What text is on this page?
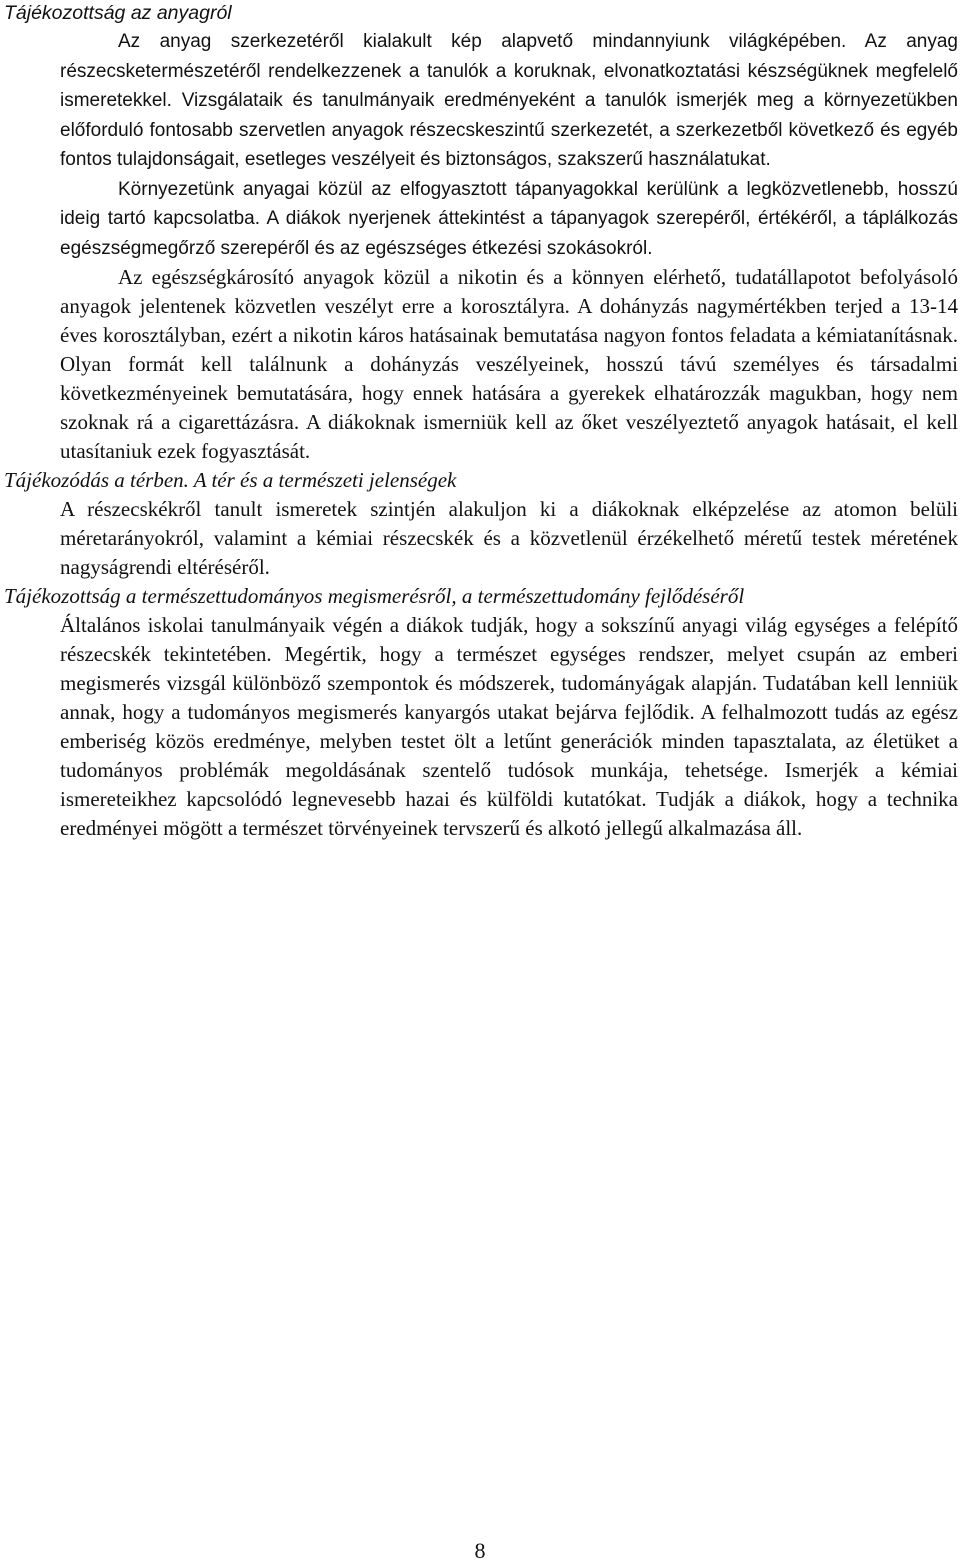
Tájékozottság az anyagról

Az anyag szerkezetéről kialakult kép alapvető mindannyiunk világképében. Az anyag részecsketermészetéről rendelkezzenek a tanulók a koruknak, elvonatkoztatási készségüknek megfelelő ismeretekkel. Vizsgálataik és tanulmányaik eredményeként a tanulók ismerjék meg a környezetükben előforduló fontosabb szervetlen anyagok részecskeszintű szerkezetét, a szerkezetből következő és egyéb fontos tulajdonságait, esetleges veszélyeit és biztonságos, szakszerű használatukat.

Környezetünk anyagai közül az elfogyasztott tápanyagokkal kerülünk a legközvetlenebb, hosszú ideig tartó kapcsolatba. A diákok nyerjenek áttekintést a tápanyagok szerepéről, értékéről, a táplálkozás egészségmegőrző szerepéről és az egészséges étkezési szokásokról.

Az egészségkárosító anyagok közül a nikotin és a könnyen elérhető, tudatállapotot befolyásoló anyagok jelentenek közvetlen veszélyt erre a korosztályra. A dohányzás nagymértékben terjed a 13-14 éves korosztályban, ezért a nikotin káros hatásainak bemutatása nagyon fontos feladata a kémiatanításnak. Olyan formát kell találnunk a dohányzás veszélyeinek, hosszú távú személyes és társadalmi következményeinek bemutatására, hogy ennek hatására a gyerekek elhatározzák magukban, hogy nem szoknak rá a cigarettázásra. A diákoknak ismerniük kell az őket veszélyeztető anyagok hatásait, el kell utasítaniuk ezek fogyasztását.

Tájékozódás a térben. A tér és a természeti jelenségek

A részecskékről tanult ismeretek szintjén alakuljon ki a diákoknak elképzelése az atomon belüli méretarányokról, valamint a kémiai részecskék és a közvetlenül érzékelhető méretű testek méretének nagyságrendi eltéréséről.

Tájékozottság a természettudományos megismerésről, a természettudomány fejlődéséről

Általános iskolai tanulmányaik végén a diákok tudják, hogy a sokszínű anyagi világ egységes a felépítő részecskék tekintetében. Megértik, hogy a természet egységes rendszer, melyet csupán az emberi megismerés vizsgál különböző szempontok és módszerek, tudományágak alapján. Tudatában kell lenniük annak, hogy a tudományos megismerés kanyargós utakat bejárva fejlődik. A felhalmozott tudás az egész emberiség közös eredménye, melyben testet ölt a letűnt generációk minden tapasztalata, az életüket a tudományos problémák megoldásának szentelő tudósok munkája, tehetsége. Ismerjék a kémiai ismereteikhez kapcsolódó legnevesebb hazai és külföldi kutatókat. Tudják a diákok, hogy a technika eredményei mögött a természet törvényeinek tervszerű és alkotó jellegű alkalmazása áll.

8
